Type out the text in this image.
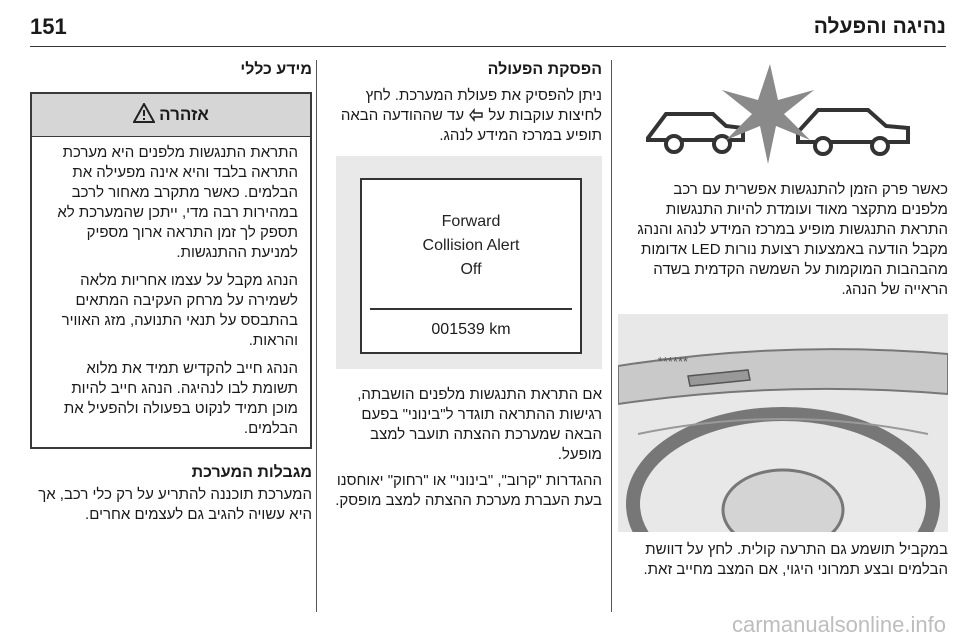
151	נהיגה והפעלה

כאשר פרק הזמן להתנגשות אפשרית עם רכב מלפנים מתקצר מאוד ועומדת להיות התנגשות התראת התנגשות מופיע במרכז המידע לנהג והנהג מקבל הודעה באמצעות רצועת נורות LED אדומות מהבהבות המוקמות על השמשה הקדמית בשדה הראייה של הנהג.

******

במקביל תושמע גם התרעה קולית. לחץ על דוושת הבלמים ובצע תמרוני היגוי, אם המצב מחייב זאת.

הפסקת הפעולה

ניתן להפסיק את פעולת המערכת. לחץ לחיצות עוקבות על  עד שההודעה הבאה תופיע במרכז המידע לנהג.

Forward
Collision Alert
Off
001539 km

אם התראת התנגשות מלפנים הושבתה, רגישות ההתראה תוגדר ל"בינוני" בפעם הבאה שמערכת ההצתה תועבר למצב מופעל.

ההגדרות "קרוב", "בינוני" או "רחוק" יאוחסנו בעת העברת מערכת ההצתה למצב מופסק.

מידע כללי

אזהרה

התראת התנגשות מלפנים היא מערכת התראה בלבד והיא אינה מפעילה את הבלמים. כאשר מתקרב מאחור לרכב במהירות רבה מדי, ייתכן שהמערכת לא תספק לך זמן התראה ארוך מספיק למניעת ההתנגשות.

הנהג מקבל על עצמו אחריות מלאה לשמירה על מרחק העקיבה המתאים בהתבסס על תנאי התנועה, מזג האוויר והראות.

הנהג חייב להקדיש תמיד את מלוא תשומת לבו לנהיגה. הנהג חייב להיות מוכן תמיד לנקוט בפעולה ולהפעיל את הבלמים.

מגבלות המערכת

המערכת תוכננה להתריע על רק כלי רכב, אך היא עשויה להגיב גם לעצמים אחרים.

carmanualsonline.info
